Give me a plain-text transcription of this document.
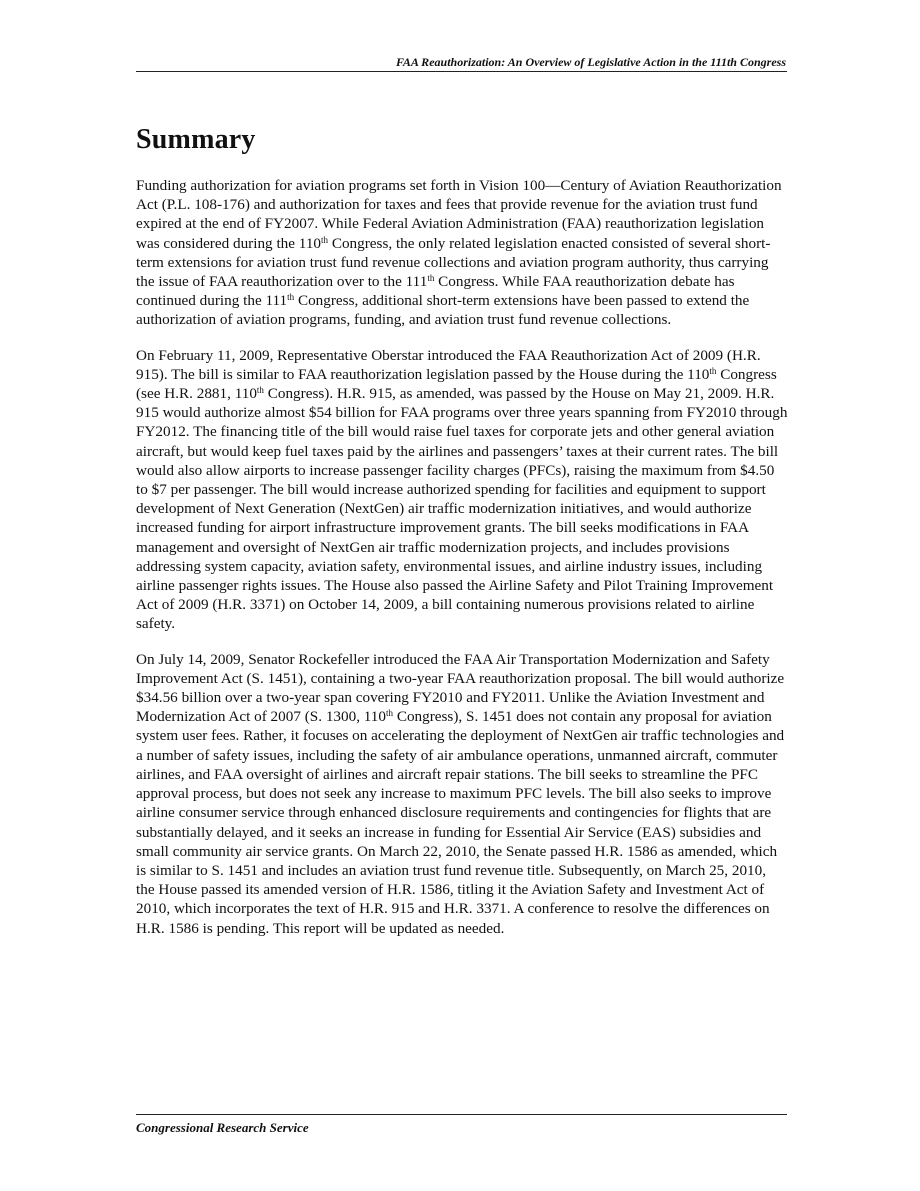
FAA Reauthorization: An Overview of Legislative Action in the 111th Congress
Summary

Funding authorization for aviation programs set forth in Vision 100—Century of Aviation Reauthorization Act (P.L. 108-176) and authorization for taxes and fees that provide revenue for the aviation trust fund expired at the end of FY2007. While Federal Aviation Administration (FAA) reauthorization legislation was considered during the 110th Congress, the only related legislation enacted consisted of several short-term extensions for aviation trust fund revenue collections and aviation program authority, thus carrying the issue of FAA reauthorization over to the 111th Congress. While FAA reauthorization debate has continued during the 111th Congress, additional short-term extensions have been passed to extend the authorization of aviation programs, funding, and aviation trust fund revenue collections.

On February 11, 2009, Representative Oberstar introduced the FAA Reauthorization Act of 2009 (H.R. 915). The bill is similar to FAA reauthorization legislation passed by the House during the 110th Congress (see H.R. 2881, 110th Congress). H.R. 915, as amended, was passed by the House on May 21, 2009. H.R. 915 would authorize almost $54 billion for FAA programs over three years spanning from FY2010 through FY2012. The financing title of the bill would raise fuel taxes for corporate jets and other general aviation aircraft, but would keep fuel taxes paid by the airlines and passengers’ taxes at their current rates. The bill would also allow airports to increase passenger facility charges (PFCs), raising the maximum from $4.50 to $7 per passenger. The bill would increase authorized spending for facilities and equipment to support development of Next Generation (NextGen) air traffic modernization initiatives, and would authorize increased funding for airport infrastructure improvement grants. The bill seeks modifications in FAA management and oversight of NextGen air traffic modernization projects, and includes provisions addressing system capacity, aviation safety, environmental issues, and airline industry issues, including airline passenger rights issues. The House also passed the Airline Safety and Pilot Training Improvement Act of 2009 (H.R. 3371) on October 14, 2009, a bill containing numerous provisions related to airline safety.

On July 14, 2009, Senator Rockefeller introduced the FAA Air Transportation Modernization and Safety Improvement Act (S. 1451), containing a two-year FAA reauthorization proposal. The bill would authorize $34.56 billion over a two-year span covering FY2010 and FY2011. Unlike the Aviation Investment and Modernization Act of 2007 (S. 1300, 110th Congress), S. 1451 does not contain any proposal for aviation system user fees. Rather, it focuses on accelerating the deployment of NextGen air traffic technologies and a number of safety issues, including the safety of air ambulance operations, unmanned aircraft, commuter airlines, and FAA oversight of airlines and aircraft repair stations. The bill seeks to streamline the PFC approval process, but does not seek any increase to maximum PFC levels. The bill also seeks to improve airline consumer service through enhanced disclosure requirements and contingencies for flights that are substantially delayed, and it seeks an increase in funding for Essential Air Service (EAS) subsidies and small community air service grants. On March 22, 2010, the Senate passed H.R. 1586 as amended, which is similar to S. 1451 and includes an aviation trust fund revenue title. Subsequently, on March 25, 2010, the House passed its amended version of H.R. 1586, titling it the Aviation Safety and Investment Act of 2010, which incorporates the text of H.R. 915 and H.R. 3371. A conference to resolve the differences on H.R. 1586 is pending. This report will be updated as needed.

Congressional Research Service
